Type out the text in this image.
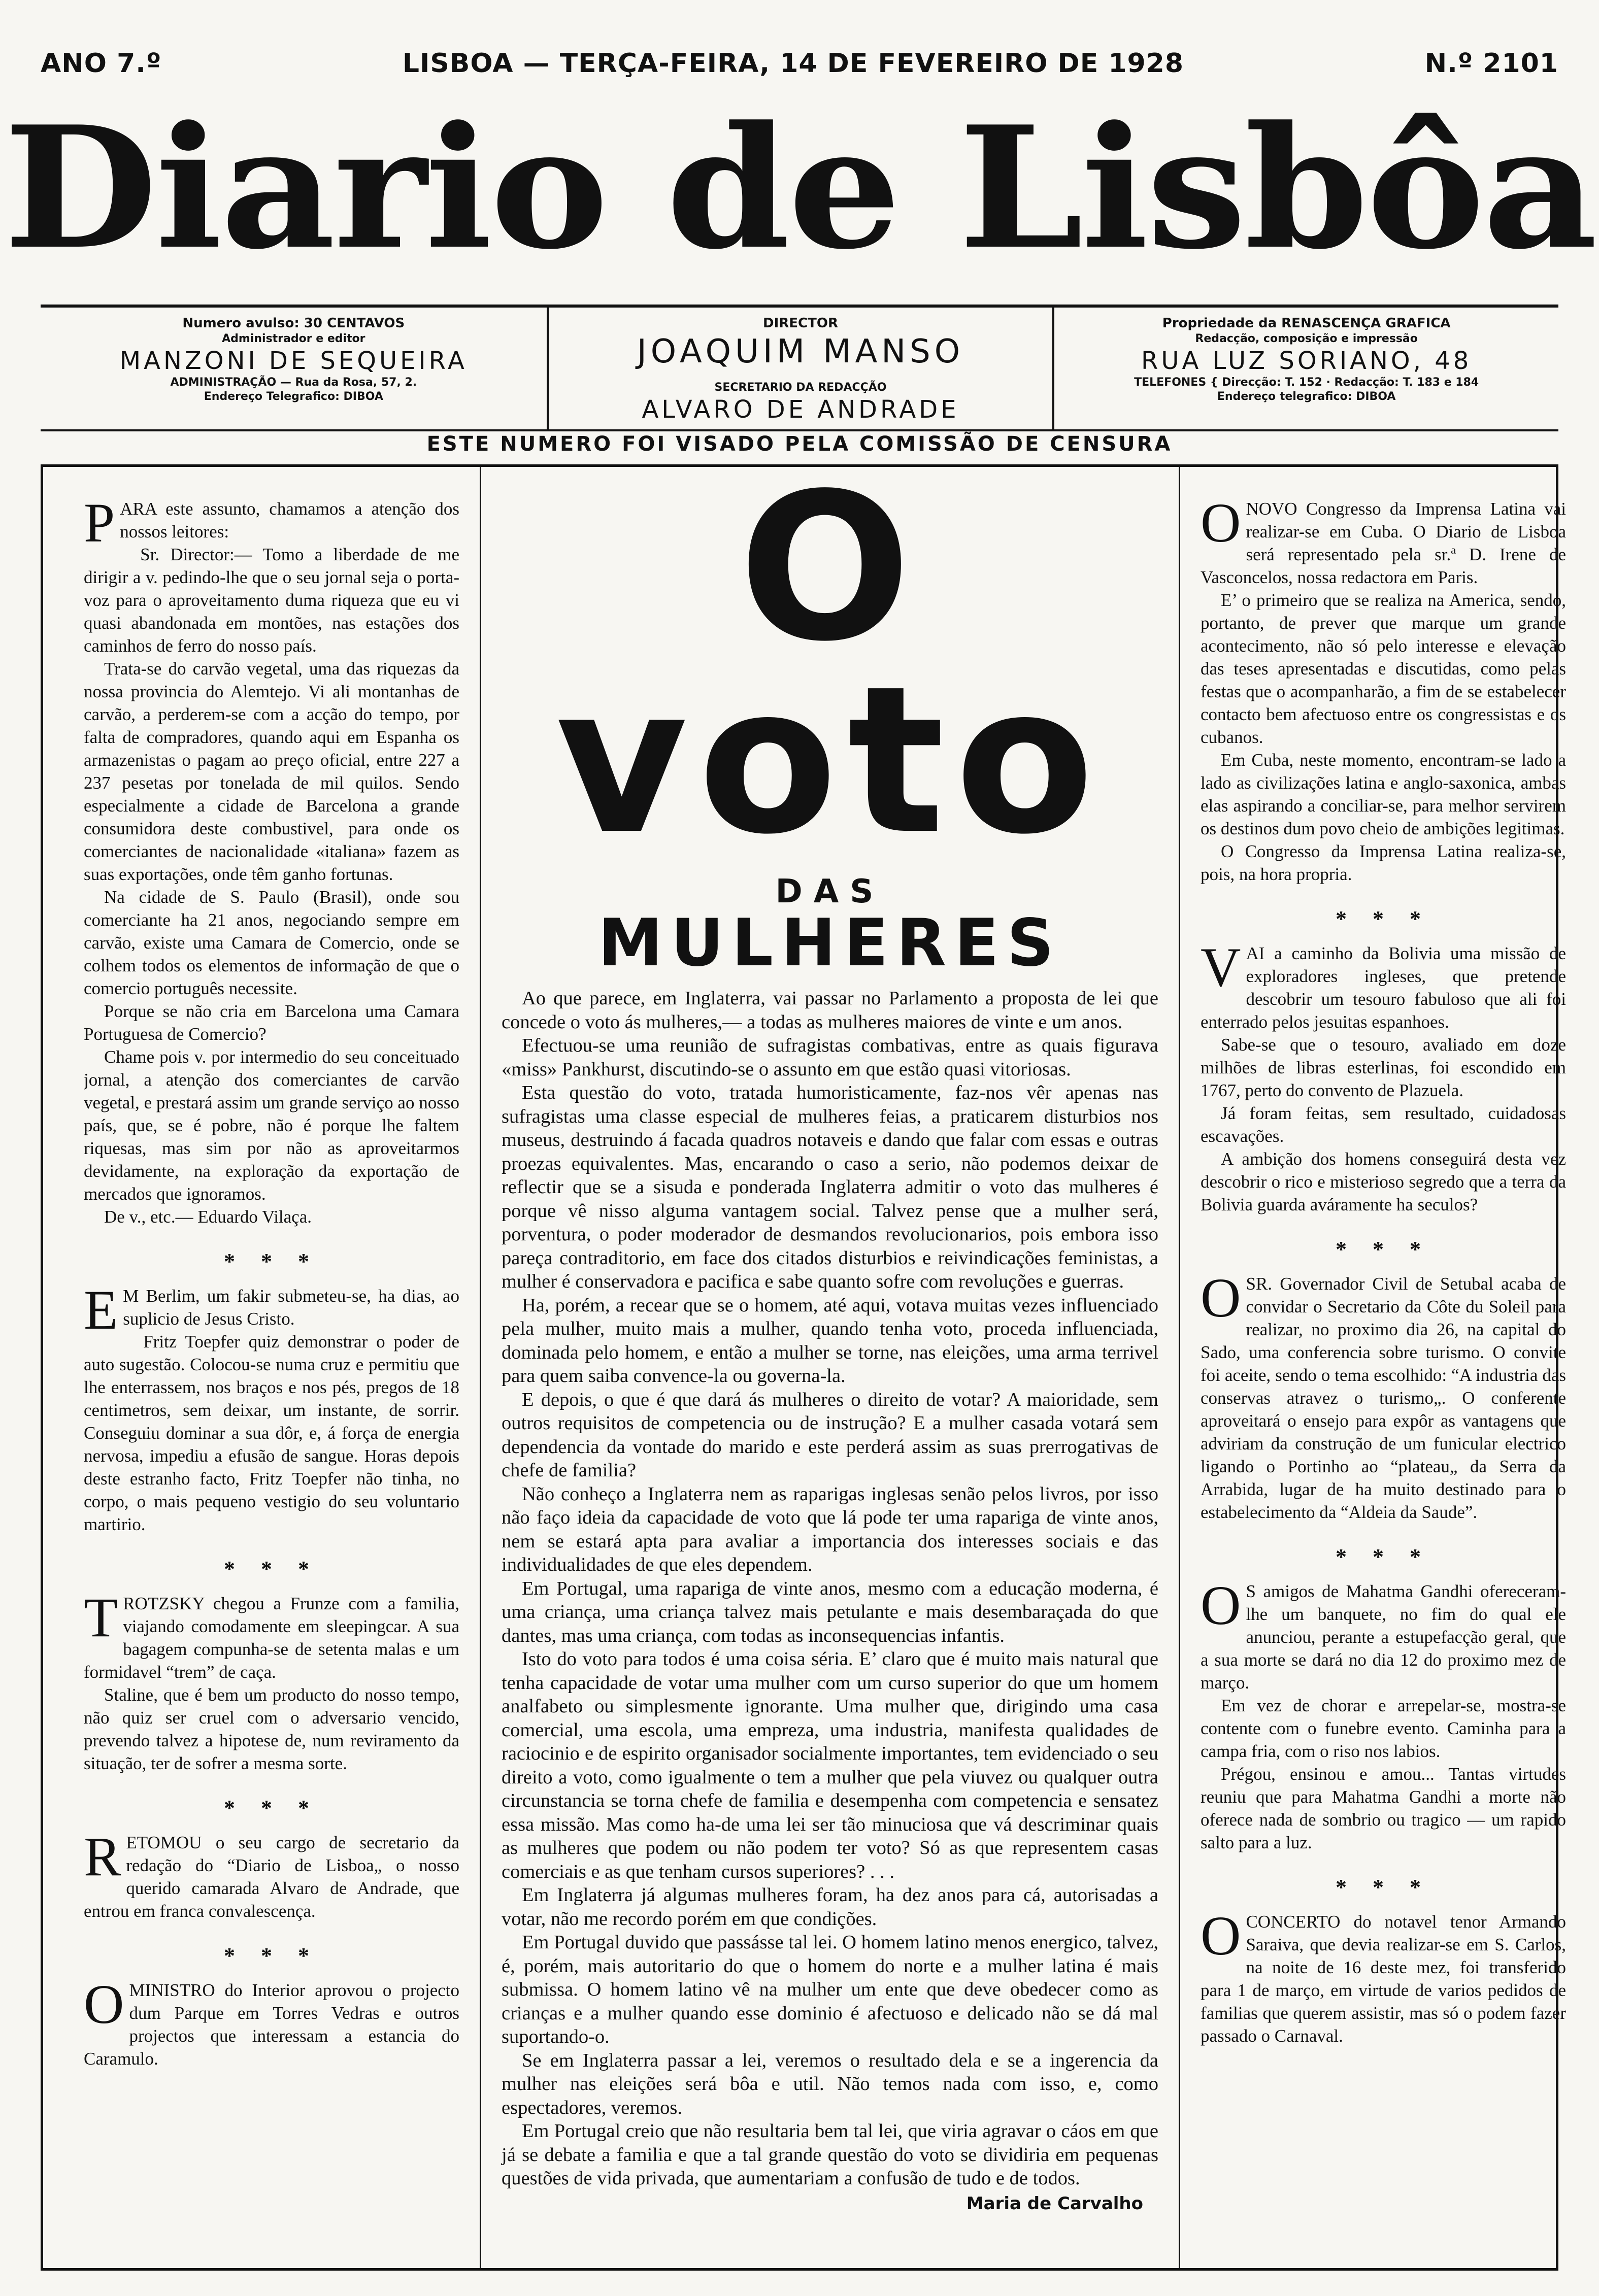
ANO 7.º	LISBOA — TERÇA-FEIRA, 14 DE FEVEREIRO DE 1928	N.º 2101
Diario de Lisbôa
Numero avulso: 30 CENTAVOS
Administrador e editor
MANZONI DE SEQUEIRA
ADMINISTRAÇÃO — Rua da Rosa, 57, 2.
Endereço Telegrafico: DIBOA
DIRECTOR
JOAQUIM MANSO
SECRETARIO DA REDACÇÃO
ALVARO DE ANDRADE
Propriedade da RENASCENÇA GRAFICA
Redacção, composição e impressão
RUA LUZ SORIANO, 48
TELEFONES { Direcção: T. 152 · Redacção: T. 183 e 184
Endereço telegrafico: DIBOA
ESTE NUMERO FOI VISADO PELA COMISSÃO DE CENSURA

PARA este assunto, chamamos a atenção dos nossos leitores:

Sr. Director:— Tomo a liberdade de me dirigir a v. pedindo-lhe que o seu jornal seja o porta-voz para o aproveitamento duma riqueza que eu vi quasi abandonada em montões, nas estações dos caminhos de ferro do nosso país.

Trata-se do carvão vegetal, uma das riquezas da nossa provincia do Alemtejo. Vi ali montanhas de carvão, a perderem-se com a acção do tempo, por falta de compradores, quando aqui em Espanha os armazenistas o pagam ao preço oficial, entre 227 a 237 pesetas por tonelada de mil quilos. Sendo especialmente a cidade de Barcelona a grande consumidora deste combustivel, para onde os comerciantes de nacionalidade «italiana» fazem as suas exportações, onde têm ganho fortunas.

Na cidade de S. Paulo (Brasil), onde sou comerciante ha 21 anos, negociando sempre em carvão, existe uma Camara de Comercio, onde se colhem todos os elementos de informação de que o comercio português necessite.

Porque se não cria em Barcelona uma Camara Portuguesa de Comercio?

Chame pois v. por intermedio do seu conceituado jornal, a atenção dos comerciantes de carvão vegetal, e prestará assim um grande serviço ao nosso país, que, se é pobre, não é porque lhe faltem riquesas, mas sim por não as aproveitarmos devidamente, na exploração da exportação de mercados que ignoramos.

De v., etc.— Eduardo Vilaça.

* * *

E M Berlim, um fakir submeteu-se, ha dias, ao suplicio de Jesus Cristo.

Fritz Toepfer quiz demonstrar o poder de auto sugestão. Colocou-se numa cruz e permitiu que lhe enterrassem, nos braços e nos pés, pregos de 18 centimetros, sem deixar, um instante, de sorrir. Conseguiu dominar a sua dôr, e, á força de energia nervosa, impediu a efusão de sangue. Horas depois deste estranho facto, Fritz Toepfer não tinha, no corpo, o mais pequeno vestigio do seu voluntario martirio.

* * *

TROTZSKY chegou a Frunze com a familia, viajando comodamente em sleepingcar. A sua bagagem compunha-se de setenta malas e um formidavel “trem” de caça.

Staline, que é bem um producto do nosso tempo, não quiz ser cruel com o adversario vencido, prevendo talvez a hipotese de, num reviramento da situação, ter de sofrer a mesma sorte.

* * *

RETOMOU o seu cargo de secretario da redação do “Diario de Lisboa„ o nosso querido camarada Alvaro de Andrade, que entrou em franca convalescença.

* * *

OMINISTRO do Interior aprovou o projecto dum Parque em Torres Vedras e outros projectos que interessam a estancia do Caramulo.

O voto
DAS
MULHERES

Ao que parece, em Inglaterra, vai passar no Parlamento a proposta de lei que concede o voto ás mulheres,— a todas as mulheres maiores de vinte e um anos.

Efectuou-se uma reunião de sufragistas combativas, entre as quais figurava «miss» Pankhurst, discutindo-se o assunto em que estão quasi vitoriosas.

Esta questão do voto, tratada humoristicamente, faz-nos vêr apenas nas sufragistas uma classe especial de mulheres feias, a praticarem disturbios nos museus, destruindo á facada quadros notaveis e dando que falar com essas e outras proezas equivalentes. Mas, encarando o caso a serio, não podemos deixar de reflectir que se a sisuda e ponderada Inglaterra admitir o voto das mulheres é porque vê nisso alguma vantagem social. Talvez pense que a mulher será, porventura, o poder moderador de desmandos revolucionarios, pois embora isso pareça contraditorio, em face dos citados disturbios e reivindicações feministas, a mulher é conservadora e pacifica e sabe quanto sofre com revoluções e guerras.

Ha, porém, a recear que se o homem, até aqui, votava muitas vezes influenciado pela mulher, muito mais a mulher, quando tenha voto, proceda influenciada, dominada pelo homem, e então a mulher se torne, nas eleições, uma arma terrivel para quem saiba convence-la ou governa-la.

E depois, o que é que dará ás mulheres o direito de votar? A maioridade, sem outros requisitos de competencia ou de instrução? E a mulher casada votará sem dependencia da vontade do marido e este perderá assim as suas prerrogativas de chefe de familia?

Não conheço a Inglaterra nem as raparigas inglesas senão pelos livros, por isso não faço ideia da capacidade de voto que lá pode ter uma rapariga de vinte anos, nem se estará apta para avaliar a importancia dos interesses sociais e das individualidades de que eles dependem.

Em Portugal, uma rapariga de vinte anos, mesmo com a educação moderna, é uma criança, uma criança talvez mais petulante e mais desembaraçada do que dantes, mas uma criança, com todas as inconsequencias infantis.

Isto do voto para todos é uma coisa séria. E’ claro que é muito mais natural que tenha capacidade de votar uma mulher com um curso superior do que um homem analfabeto ou simplesmente ignorante. Uma mulher que, dirigindo uma casa comercial, uma escola, uma empreza, uma industria, manifesta qualidades de raciocinio e de espirito organisador socialmente importantes, tem evidenciado o seu direito a voto, como igualmente o tem a mulher que pela viuvez ou qualquer outra circunstancia se torna chefe de familia e desempenha com competencia e sensatez essa missão. Mas como ha-de uma lei ser tão minuciosa que vá descriminar quais as mulheres que podem ou não podem ter voto? Só as que representem casas comerciais e as que tenham cursos superiores? . . .

Em Inglaterra já algumas mulheres foram, ha dez anos para cá, autorisadas a votar, não me recordo porém em que condições.

Em Portugal duvido que passásse tal lei. O homem latino menos energico, talvez, é, porém, mais autoritario do que o homem do norte e a mulher latina é mais submissa. O homem latino vê na mulher um ente que deve obedecer como as crianças e a mulher quando esse dominio é afectuoso e delicado não se dá mal suportando-o.

Se em Inglaterra passar a lei, veremos o resultado dela e se a ingerencia da mulher nas eleições será bôa e util. Não temos nada com isso, e, como espectadores, veremos.

Em Portugal creio que não resultaria bem tal lei, que viria agravar o cáos em que já se debate a familia e que a tal grande questão do voto se dividiria em pequenas questões de vida privada, que aumentariam a confusão de tudo e de todos.

Maria de Carvalho

ONOVO Congresso da Imprensa Latina vai realizar-se em Cuba. O Diario de Lisboa será representado pela sr.ª D. Irene de Vasconcelos, nossa redactora em Paris.

E’ o primeiro que se realiza na America, sendo, portanto, de prever que marque um grande acontecimento, não só pelo interesse e elevação das teses apresentadas e discutidas, como pelas festas que o acompanharão, a fim de se estabelecer contacto bem afectuoso entre os congressistas e os cubanos.

Em Cuba, neste momento, encontram-se lado a lado as civilizações latina e anglo-saxonica, ambas elas aspirando a conciliar-se, para melhor servirem os destinos dum povo cheio de ambições legitimas.

O Congresso da Imprensa Latina realiza-se, pois, na hora propria.

* * *

VAI a caminho da Bolivia uma missão de exploradores ingleses, que pretende descobrir um tesouro fabuloso que ali foi enterrado pelos jesuitas espanhoes.

Sabe-se que o tesouro, avaliado em doze milhões de libras esterlinas, foi escondido em 1767, perto do convento de Plazuela.

Já foram feitas, sem resultado, cuidadosas escavações.

A ambição dos homens conseguirá desta vez descobrir o rico e misterioso segredo que a terra da Bolivia guarda aváramente ha seculos?

* * *

OSR. Governador Civil de Setubal acaba de convidar o Secretario da Côte du Soleil para realizar, no proximo dia 26, na capital do Sado, uma conferencia sobre turismo. O convite foi aceite, sendo o tema escolhido: “A industria das conservas atravez o turismo„. O conferente aproveitará o ensejo para expôr as vantagens que adviriam da construção de um funicular electrico ligando o Portinho ao “plateau„ da Serra da Arrabida, lugar de ha muito destinado para o estabelecimento da “Aldeia da Saude”.

* * *

O S amigos de Mahatma Gandhi ofereceram-lhe um banquete, no fim do qual ele anunciou, perante a estupefacção geral, que a sua morte se dará no dia 12 do proximo mez de março.

Em vez de chorar e arrepelar-se, mostra-se contente com o funebre evento. Caminha para a campa fria, com o riso nos labios.

Prégou, ensinou e amou... Tantas virtudes reuniu que para Mahatma Gandhi a morte não oferece nada de sombrio ou tragico — um rapido salto para a luz.

* * *

OCONCERTO do notavel tenor Armando Saraiva, que devia realizar-se em S. Carlos, na noite de 16 deste mez, foi transferido para 1 de março, em virtude de varios pedidos de familias que querem assistir, mas só o podem fazer passado o Carnaval.
